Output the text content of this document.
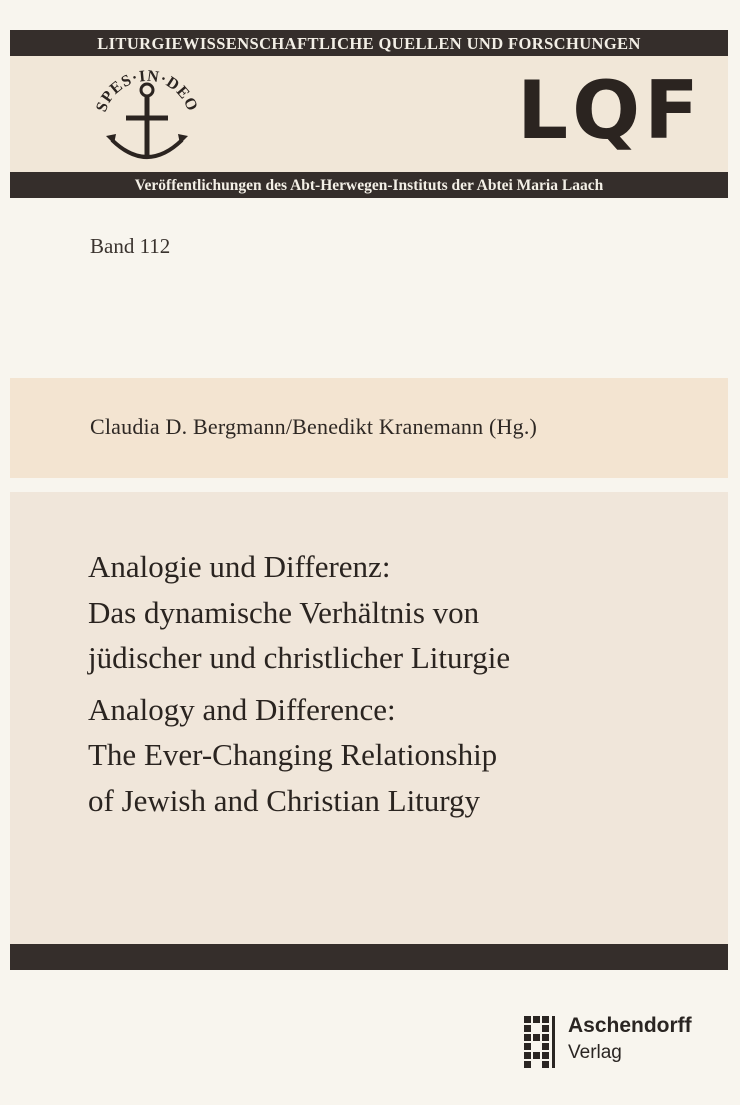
LITURGIEWISSENSCHAFTLICHE QUELLEN UND FORSCHUNGEN
SPES·IN·DEO	LQF
Veröffentlichungen des Abt-Herwegen-Instituts der Abtei Maria Laach
Band 112
Claudia D. Bergmann/Benedikt Kranemann (Hg.)
Analogie und Differenz:
Das dynamische Verhältnis von
jüdischer und christlicher Liturgie
Analogy and Difference:
The Ever-Changing Relationship
of Jewish and Christian Liturgy
Aschendorff
Verlag
